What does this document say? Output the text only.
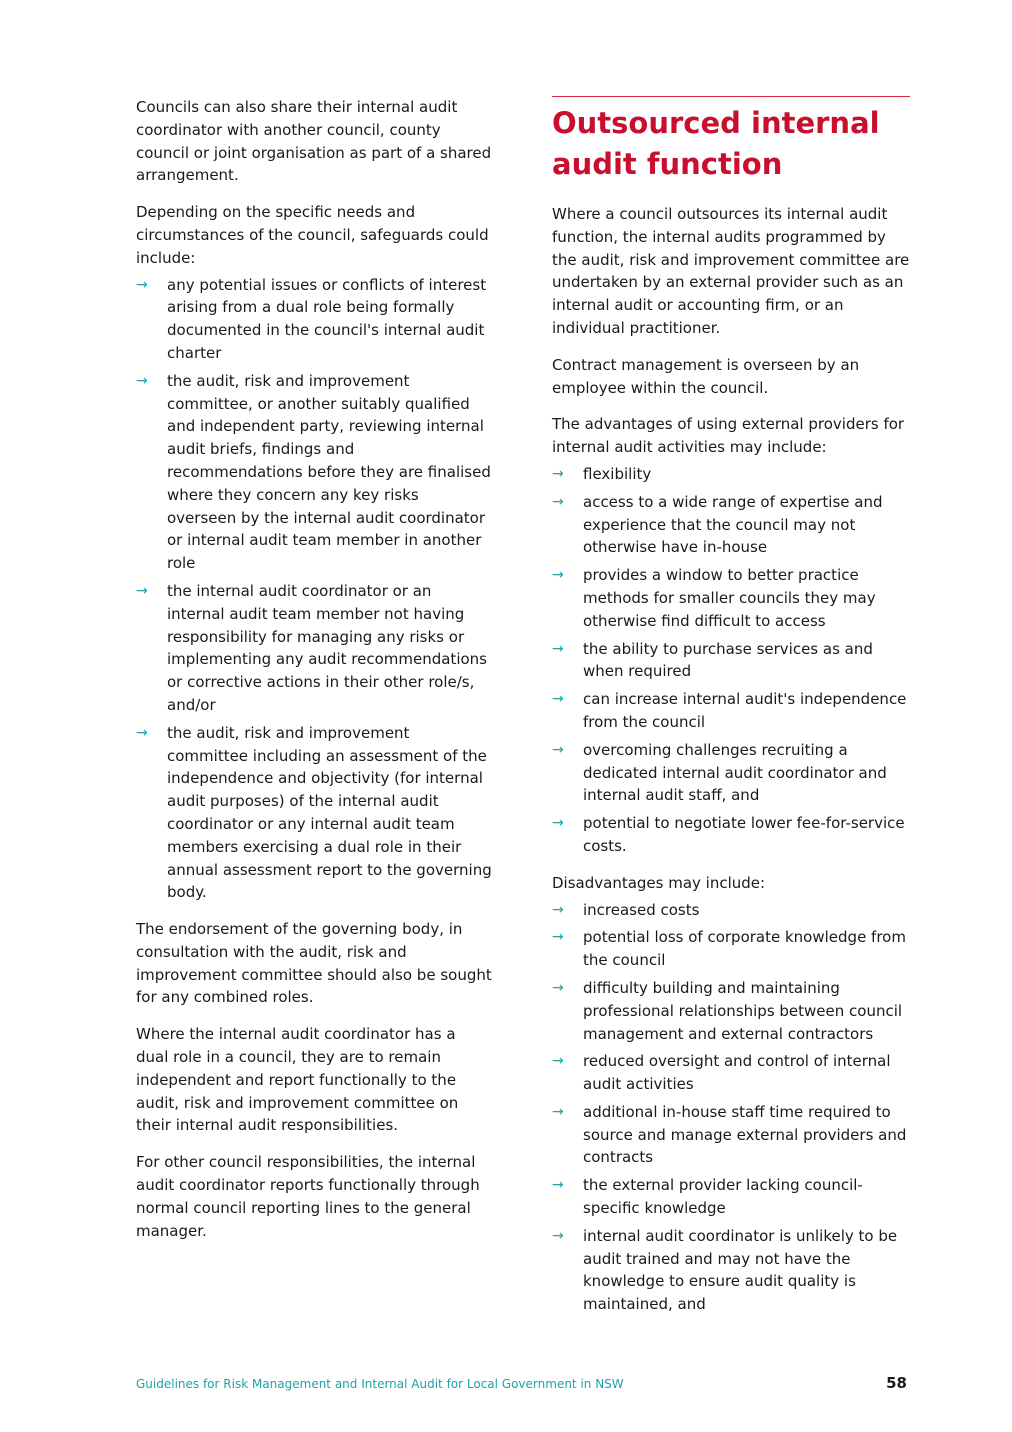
Councils can also share their internal audit coordinator with another council, county council or joint organisation as part of a shared arrangement.

Depending on the specific needs and circumstances of the council, safeguards could include:

→ any potential issues or conflicts of interest arising from a dual role being formally documented in the council's internal audit charter
→ the audit, risk and improvement committee, or another suitably qualified and independent party, reviewing internal audit briefs, findings and recommendations before they are finalised where they concern any key risks overseen by the internal audit coordinator or internal audit team member in another role
→ the internal audit coordinator or an internal audit team member not having responsibility for managing any risks or implementing any audit recommendations or corrective actions in their other role/s, and/or
→ the audit, risk and improvement committee including an assessment of the independence and objectivity (for internal audit purposes) of the internal audit coordinator or any internal audit team members exercising a dual role in their annual assessment report to the governing body.

The endorsement of the governing body, in consultation with the audit, risk and improvement committee should also be sought for any combined roles.

Where the internal audit coordinator has a dual role in a council, they are to remain independent and report functionally to the audit, risk and improvement committee on their internal audit responsibilities.

For other council responsibilities, the internal audit coordinator reports functionally through normal council reporting lines to the general manager.

Outsourced internal audit function

Where a council outsources its internal audit function, the internal audits programmed by the audit, risk and improvement committee are undertaken by an external provider such as an internal audit or accounting firm, or an individual practitioner.

Contract management is overseen by an employee within the council.

The advantages of using external providers for internal audit activities may include:

→ flexibility
→ access to a wide range of expertise and experience that the council may not otherwise have in-house
→ provides a window to better practice methods for smaller councils they may otherwise find difficult to access
→ the ability to purchase services as and when required
→ can increase internal audit's independence from the council
→ overcoming challenges recruiting a dedicated internal audit coordinator and internal audit staff, and
→ potential to negotiate lower fee-for-service costs.

Disadvantages may include:

→ increased costs
→ potential loss of corporate knowledge from the council
→ difficulty building and maintaining professional relationships between council management and external contractors
→ reduced oversight and control of internal audit activities
→ additional in-house staff time required to source and manage external providers and contracts
→ the external provider lacking council-specific knowledge
→ internal audit coordinator is unlikely to be audit trained and may not have the knowledge to ensure audit quality is maintained, and
Guidelines for Risk Management and Internal Audit for Local Government in NSW	58
